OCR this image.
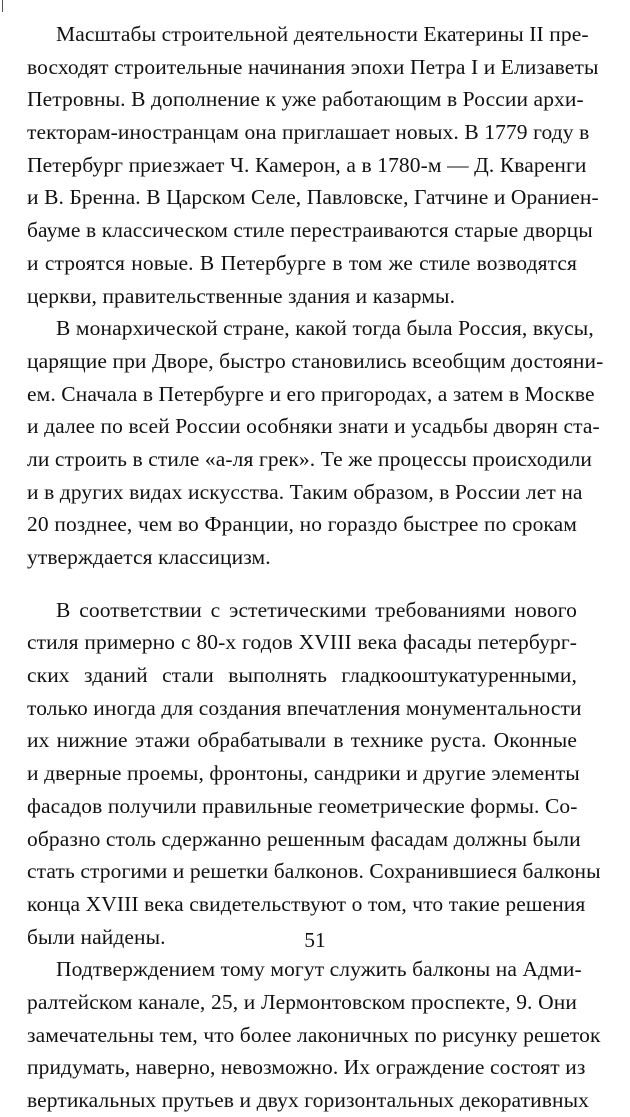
Масштабы строительной деятельности Екатерины II пре-
восходят строительные начинания эпохи Петра I и Елизаветы
Петровны. В дополнение к уже работающим в России архи-
текторам-иностранцам она приглашает новых. В 1779 году в
Петербург приезжает Ч. Камерон, а в 1780-м — Д. Кваренги
и В. Бренна. В Царском Селе, Павловске, Гатчине и Ораниен-
бауме в классическом стиле перестраиваются старые дворцы
и строятся новые. В Петербурге в том же стиле возводятся
церкви, правительственные здания и казармы.
В монархической стране, какой тогда была Россия, вкусы,
царящие при Дворе, быстро становились всеобщим достояни-
ем. Сначала в Петербурге и его пригородах, а затем в Москве
и далее по всей России особняки знати и усадьбы дворян ста-
ли строить в стиле «а-ля грек». Те же процессы происходили
и в других видах искусства. Таким образом, в России лет на
20 позднее, чем во Франции, но гораздо быстрее по срокам
утверждается классицизм.
В соответствии с эстетическими требованиями нового
стиля примерно с 80-х годов XVIII века фасады петербург-
ских зданий стали выполнять гладкооштукатуренными,
только иногда для создания впечатления монументальности
их нижние этажи обрабатывали в технике руста. Оконные
и дверные проемы, фронтоны, сандрики и другие элементы
фасадов получили правильные геометрические формы. Со-
образно столь сдержанно решенным фасадам должны были
стать строгими и решетки балконов. Сохранившиеся балконы
конца XVIII века свидетельствуют о том, что такие решения
были найдены.
Подтверждением тому могут служить балконы на Адми-
ралтейском канале, 25, и Лермонтовском проспекте, 9. Они
замечательны тем, что более лаконичных по рисунку решеток
придумать, наверно, невозможно. Их ограждение состоят из
вертикальных прутьев и двух горизонтальных декоративных
51
